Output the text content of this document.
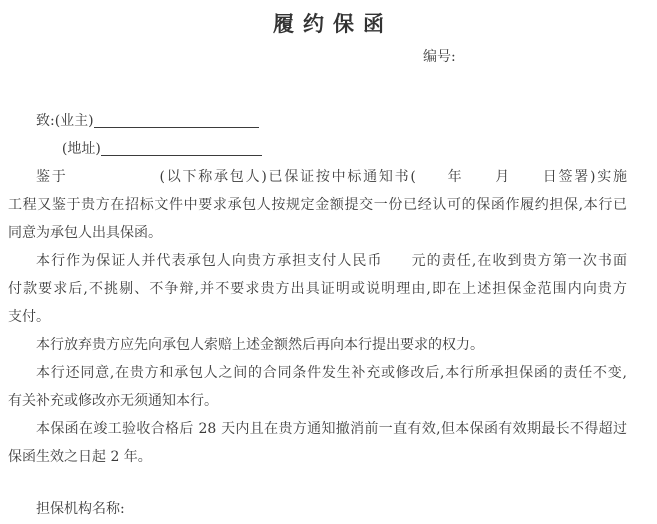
履约保函
编号:
致:(业主)
(地址)
鉴于	(以下称承包人)已保证按中标通知书( 年 月 日签署)实施
工程又鉴于贵方在招标文件中要求承包人按规定金额提交一份已经认可的保函作履约担保,本行已
同意为承包人出具保函。
本行作为保证人并代表承包人向贵方承担支付人民币 元的责任,在收到贵方第一次书面
付款要求后,不挑剔、不争辩,并不要求贵方出具证明或说明理由,即在上述担保金范围内向贵方
支付。
本行放弃贵方应先向承包人索赔上述金额然后再向本行提出要求的权力。
本行还同意,在贵方和承包人之间的合同条件发生补充或修改后,本行所承担保函的责任不变,
有关补充或修改亦无须通知本行。
本保函在竣工验收合格后 28 天内且在贵方通知撤消前一直有效,但本保函有效期最长不得超过
保函生效之日起 2 年。
担保机构名称:
